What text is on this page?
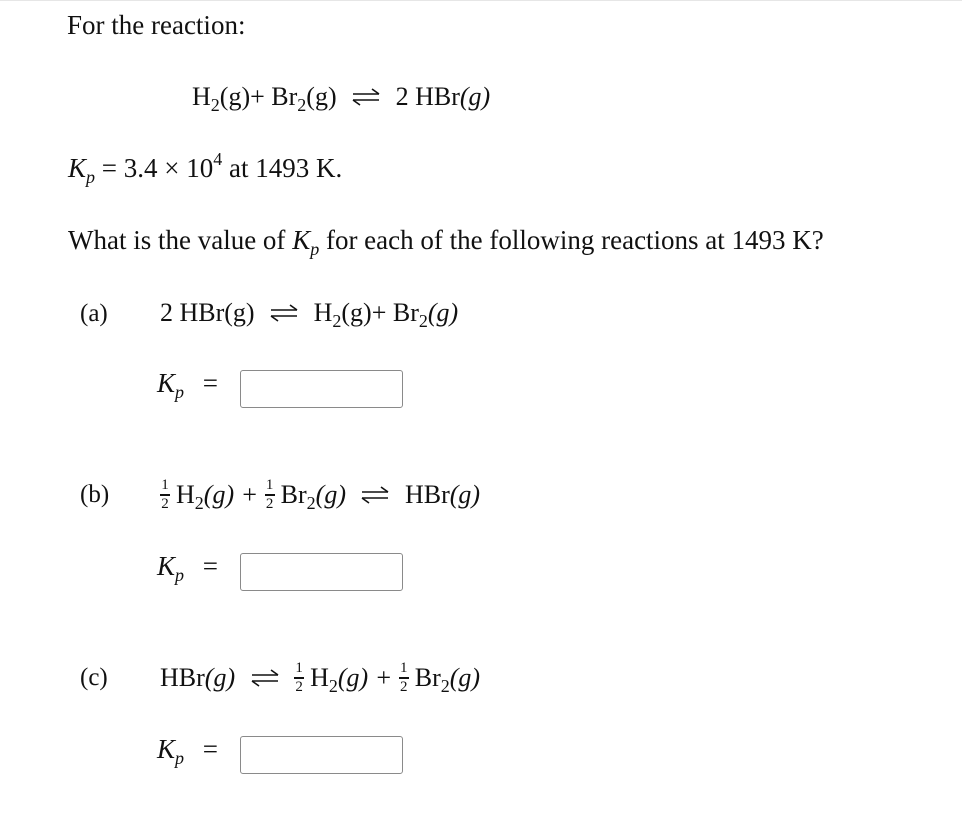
For the reaction:
$H_2(g)+ Br_2(g)$ ⇌ 2 HBr(g)
$K_p = 3.4 \times 10^4$ at 1493 K.
What is the value of $K_p$ for each of the following reactions at 1493 K?
(a) 2 HBr(g) ⇌ $H_2(g)+ Br_2(g)$
$K_p$ =
(b)	$\frac{1}{2} H_2(g) + \frac{1}{2} Br_2(g)$ ⇌ HBr(g)
$K_p$ =
(c) HBr(g) ⇌ $\frac{1}{2} H_2(g) + \frac{1}{2} Br_2(g)$
$K_p$ =
